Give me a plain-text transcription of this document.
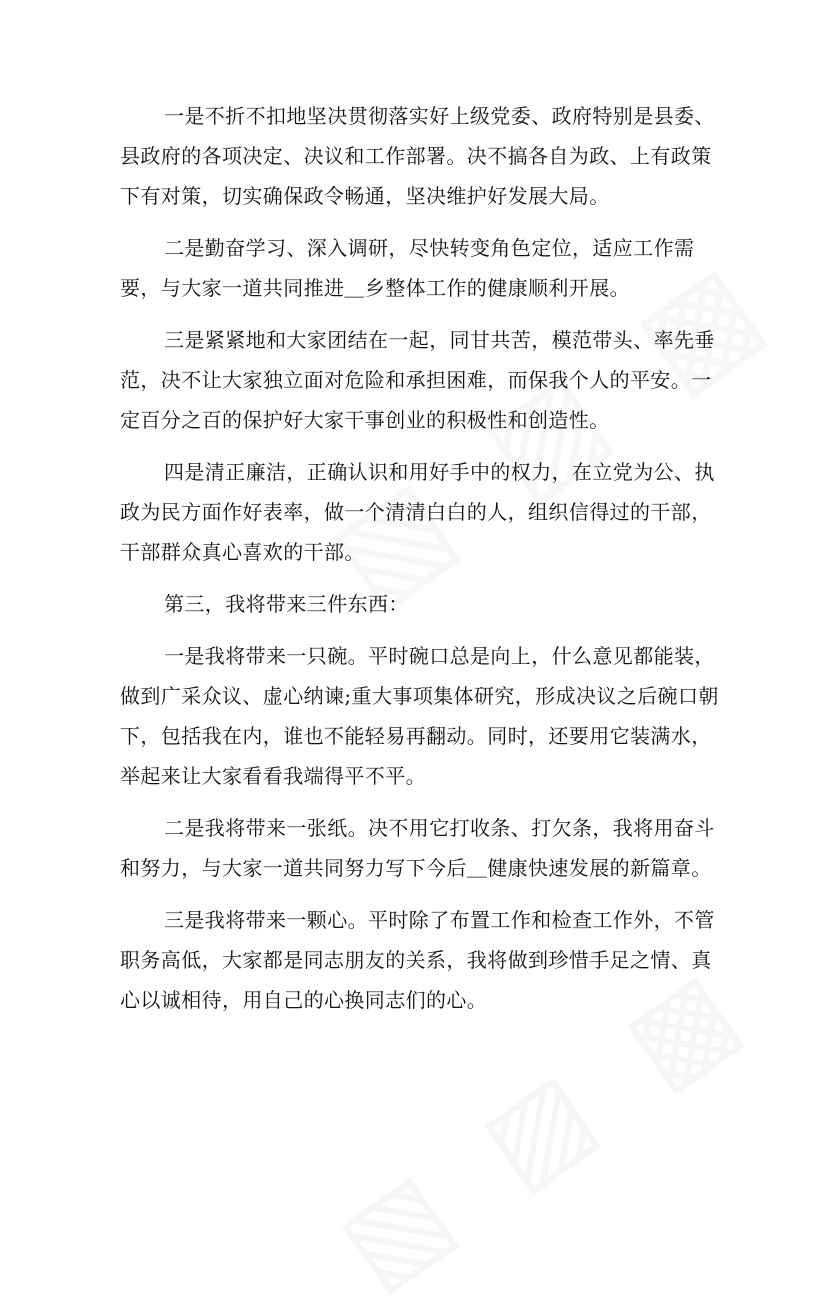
一是不折不扣地坚决贯彻落实好上级党委、政府特别是县委、县政府的各项决定、决议和工作部署。决不搞各自为政、上有政策下有对策，切实确保政令畅通，坚决维护好发展大局。

二是勤奋学习、深入调研，尽快转变角色定位，适应工作需要，与大家一道共同推进＿乡整体工作的健康顺利开展。

三是紧紧地和大家团结在一起，同甘共苦，模范带头、率先垂范，决不让大家独立面对危险和承担困难，而保我个人的平安。一定百分之百的保护好大家干事创业的积极性和创造性。

四是清正廉洁，正确认识和用好手中的权力，在立党为公、执政为民方面作好表率，做一个清清白白的人，组织信得过的干部，干部群众真心喜欢的干部。

第三，我将带来三件东西：

一是我将带来一只碗。平时碗口总是向上，什么意见都能装，做到广采众议、虚心纳谏;重大事项集体研究，形成决议之后碗口朝下，包括我在内，谁也不能轻易再翻动。同时，还要用它装满水，举起来让大家看看我端得平不平。

二是我将带来一张纸。决不用它打收条、打欠条，我将用奋斗和努力，与大家一道共同努力写下今后＿健康快速发展的新篇章。

三是我将带来一颗心。平时除了布置工作和检查工作外，不管职务高低，大家都是同志朋友的关系，我将做到珍惜手足之情、真心以诚相待，用自己的心换同志们的心。
